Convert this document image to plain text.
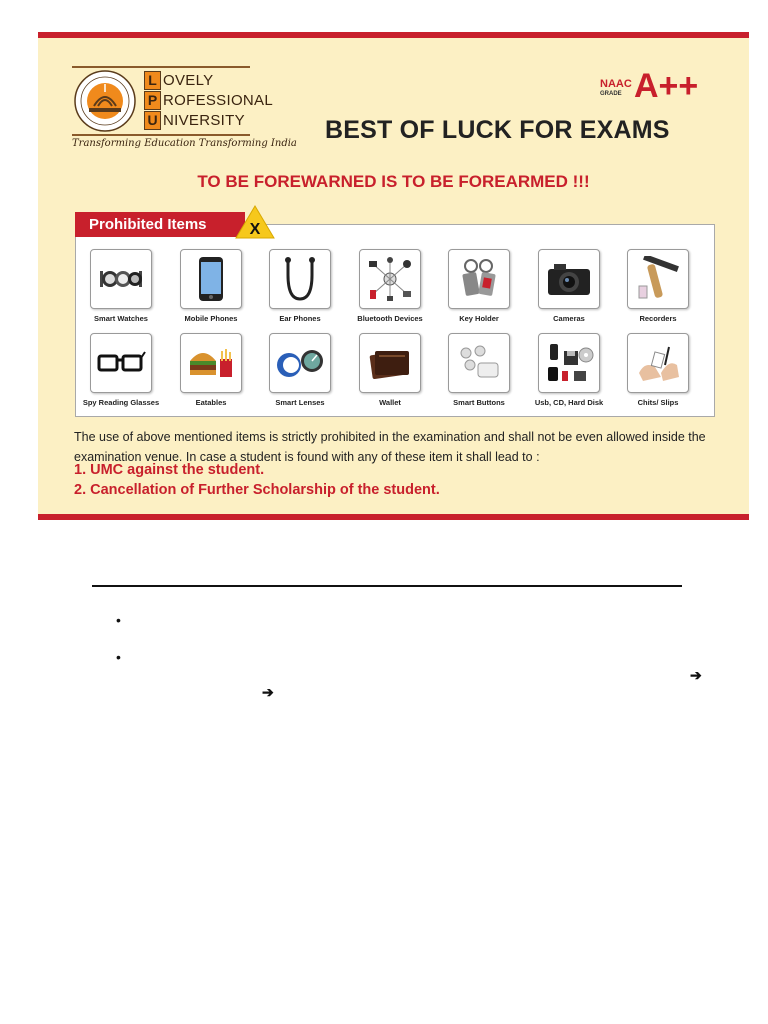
L OVELY
P ROFESSIONAL
U NIVERSITY
Transforming Education Transforming India
NAAC
GRADE A++
BEST OF LUCK FOR EXAMS
TO BE FOREWARNED IS TO BE FOREARMED !!!
Smart Watches	Mobile Phones	Ear Phones	Bluetooth Devices	Key Holder	Cameras	Recorders
Spy Reading Glasses	Eatables	Smart Lenses	Wallet	Smart Buttons	Usb, CD, Hard Disk	Chits/ Slips
Prohibited Items	X
The use of above mentioned items is strictly prohibited in the examination and shall not be even allowed inside the examination venue. In case a student is found with any of these item it shall lead to :
1. UMC against the student.
2. Cancellation of Further Scholarship of the student.
•
•
➔
➔
